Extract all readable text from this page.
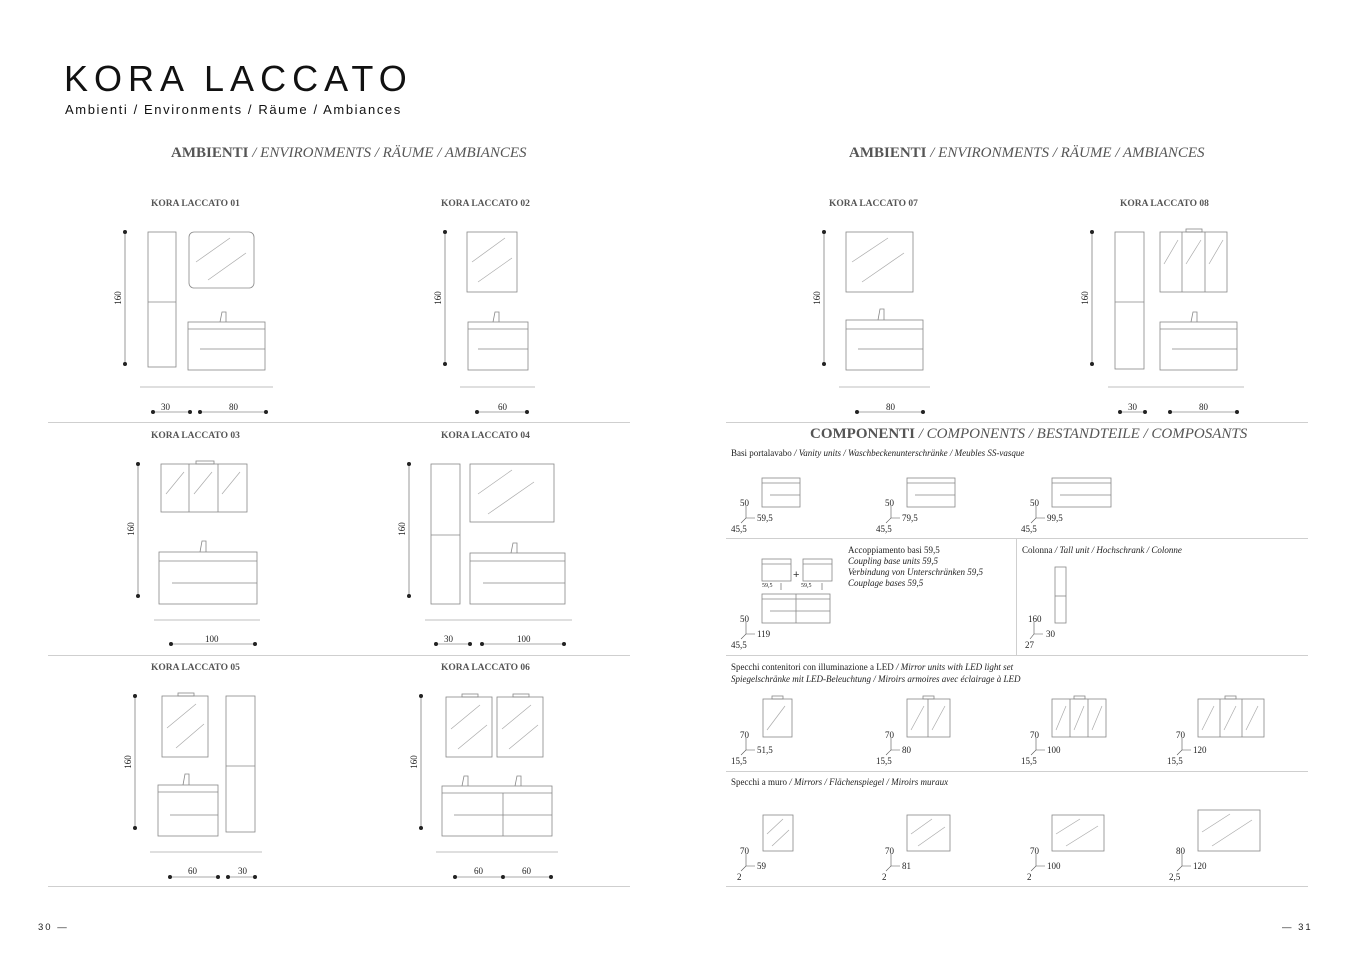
KORA LACCATO
Ambienti / Environments / Räume / Ambiances
AMBIENTI / ENVIRONMENTS / RÄUME / AMBIANCES	AMBIENTI / ENVIRONMENTS / RÄUME / AMBIANCES
KORA LACCATO 01
160
30	80
KORA LACCATO 02
160
60
KORA LACCATO 03
160
100
KORA LACCATO 04
160
30	100
KORA LACCATO 05
160
60	30
KORA LACCATO 06
160
60	60
KORA LACCATO 07
160
80
KORA LACCATO 08
160
30	80
COMPONENTI / COMPONENTS / BESTANDTEILE / COMPOSANTS
Basi portalavabo / Vanity units / Waschbeckenunterschränke / Meubles SS-vasque
50
59,5
45,5
50
79,5
45,5
50
99,5
45,5
Accoppiamento basi 59,5
Coupling base units 59,5
Verbindung von Unterschränken 59,5
Couplage bases 59,5
59,5	59,5
50
119
45,5
+
Colonna / Tall unit / Hochschrank / Colonne
160
30
27
Specchi contenitori con illuminazione a LED / Mirror units with LED light set
Spiegelschränke mit LED-Beleuchtung / Miroirs armoires avec éclairage à LED
70
51,5
15,5
70
80
15,5
70
100
15,5
70
120
15,5
Specchi a muro / Mirrors / Flächenspiegel / Miroirs muraux
70
59
2
70
81
2
70
100
2
80
120
2,5
30 —	— 31
